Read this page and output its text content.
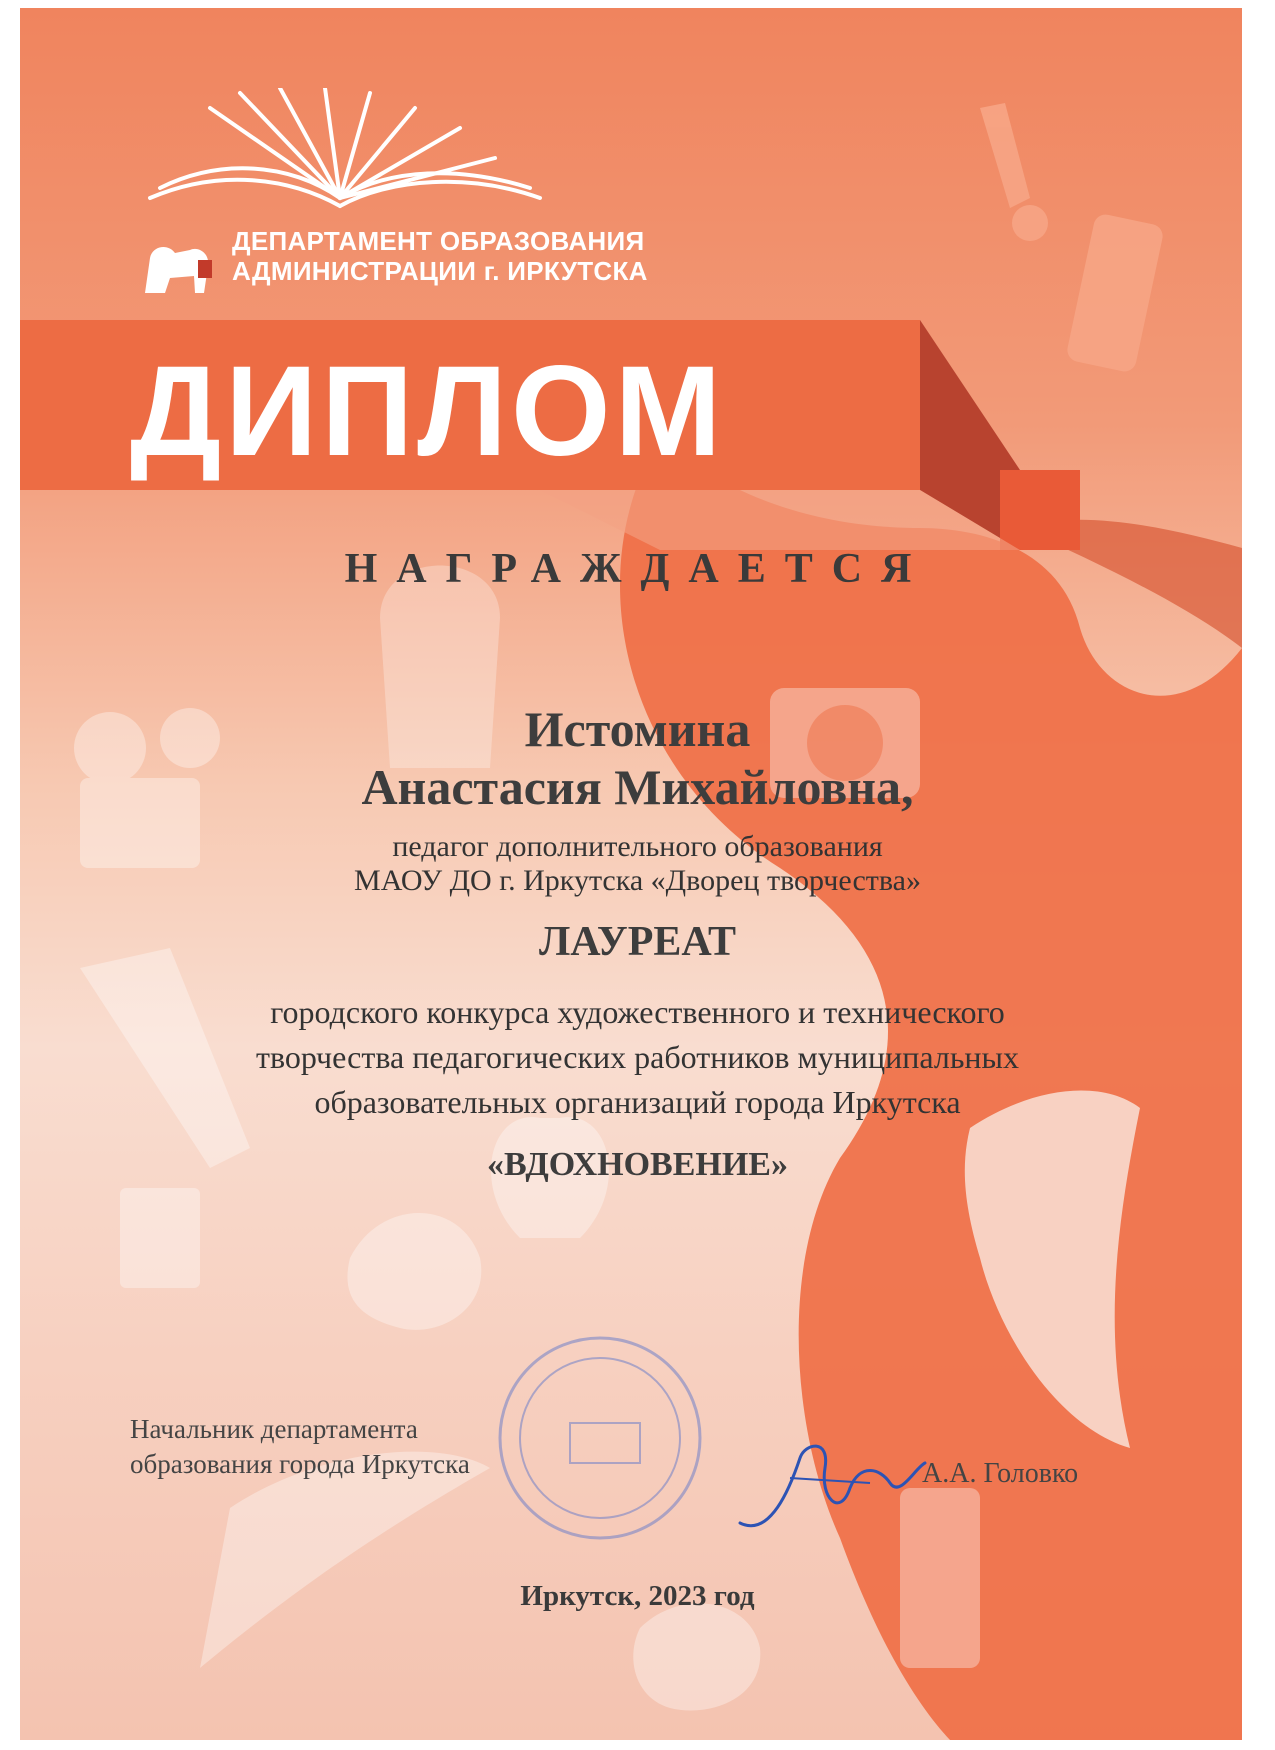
ДЕПАРТАМЕНТ ОБРАЗОВАНИЯ
АДМИНИСТРАЦИИ г. ИРКУТСКА
ДИПЛОМ
НАГРАЖДАЕТСЯ
Истомина
Анастасия Михайловна,
педагог дополнительного образования
МАОУ ДО г. Иркутска «Дворец творчества»
ЛАУРЕАТ
городского конкурса художественного и технического
творчества педагогических работников муниципальных
образовательных организаций города Иркутска
«ВДОХНОВЕНИЕ»
Начальник департамента
образования города Иркутска	А.А. Головко
Иркутск, 2023 год
